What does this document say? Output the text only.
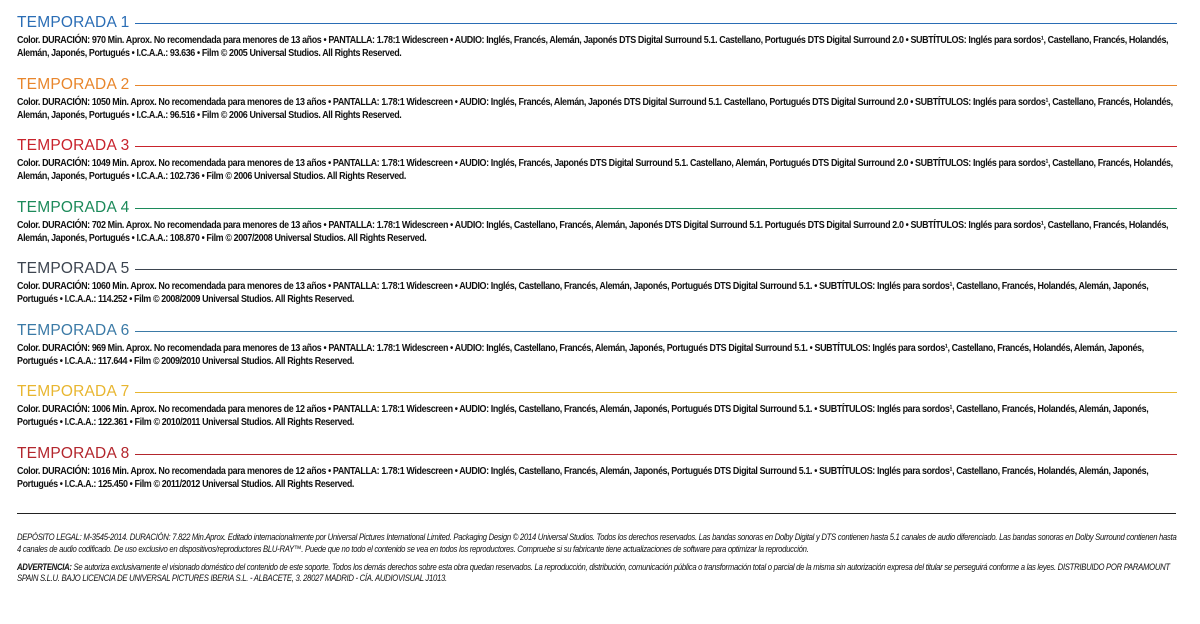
TEMPORADA 1
Color. DURACIÓN: 970 Min. Aprox. No recomendada para menores de 13 años • PANTALLA: 1.78:1 Widescreen • AUDIO: Inglés, Francés, Alemán, Japonés DTS Digital Surround 5.1. Castellano, Portugués DTS Digital Surround 2.0 • SUBTÍTULOS: Inglés para sordos¹, Castellano, Francés, Holandés, Alemán, Japonés, Portugués • I.C.A.A.: 93.636 • Film © 2005 Universal Studios. All Rights Reserved.
TEMPORADA 2
Color. DURACIÓN: 1050 Min. Aprox. No recomendada para menores de 13 años • PANTALLA: 1.78:1 Widescreen • AUDIO: Inglés, Francés, Alemán, Japonés DTS Digital Surround 5.1. Castellano, Portugués DTS Digital Surround 2.0 • SUBTÍTULOS: Inglés para sordos¹, Castellano, Francés, Holandés, Alemán, Japonés, Portugués • I.C.A.A.: 96.516 • Film © 2006 Universal Studios. All Rights Reserved.
TEMPORADA 3
Color. DURACIÓN: 1049 Min. Aprox. No recomendada para menores de 13 años • PANTALLA: 1.78:1 Widescreen • AUDIO: Inglés, Francés, Japonés DTS Digital Surround 5.1. Castellano, Alemán, Portugués DTS Digital Surround 2.0 • SUBTÍTULOS: Inglés para sordos¹, Castellano, Francés, Holandés, Alemán, Japonés, Portugués • I.C.A.A.: 102.736 • Film © 2006 Universal Studios. All Rights Reserved.
TEMPORADA 4
Color. DURACIÓN: 702 Min. Aprox. No recomendada para menores de 13 años • PANTALLA: 1.78:1 Widescreen • AUDIO: Inglés, Castellano, Francés, Alemán, Japonés DTS Digital Surround 5.1. Portugués DTS Digital Surround 2.0 • SUBTÍTULOS: Inglés para sordos¹, Castellano, Francés, Holandés, Alemán, Japonés, Portugués • I.C.A.A.: 108.870 • Film © 2007/2008 Universal Studios. All Rights Reserved.
TEMPORADA 5
Color. DURACIÓN: 1060 Min. Aprox. No recomendada para menores de 13 años • PANTALLA: 1.78:1 Widescreen • AUDIO: Inglés, Castellano, Francés, Alemán, Japonés, Portugués DTS Digital Surround 5.1. • SUBTÍTULOS: Inglés para sordos¹, Castellano, Francés, Holandés, Alemán, Japonés, Portugués • I.C.A.A.: 114.252 • Film © 2008/2009 Universal Studios. All Rights Reserved.
TEMPORADA 6
Color. DURACIÓN: 969 Min. Aprox. No recomendada para menores de 13 años • PANTALLA: 1.78:1 Widescreen • AUDIO: Inglés, Castellano, Francés, Alemán, Japonés, Portugués DTS Digital Surround 5.1. • SUBTÍTULOS: Inglés para sordos¹, Castellano, Francés, Holandés, Alemán, Japonés, Portugués • I.C.A.A.: 117.644 • Film © 2009/2010 Universal Studios. All Rights Reserved.
TEMPORADA 7
Color. DURACIÓN: 1006 Min. Aprox. No recomendada para menores de 12 años • PANTALLA: 1.78:1 Widescreen • AUDIO: Inglés, Castellano, Francés, Alemán, Japonés, Portugués DTS Digital Surround 5.1. • SUBTÍTULOS: Inglés para sordos¹, Castellano, Francés, Holandés, Alemán, Japonés, Portugués • I.C.A.A.: 122.361 • Film © 2010/2011 Universal Studios. All Rights Reserved.
TEMPORADA 8
Color. DURACIÓN: 1016 Min. Aprox. No recomendada para menores de 12 años • PANTALLA: 1.78:1 Widescreen • AUDIO: Inglés, Castellano, Francés, Alemán, Japonés, Portugués DTS Digital Surround 5.1. • SUBTÍTULOS: Inglés para sordos¹, Castellano, Francés, Holandés, Alemán, Japonés, Portugués • I.C.A.A.: 125.450 • Film © 2011/2012 Universal Studios. All Rights Reserved.
DEPÓSITO LEGAL: M-3545-2014. DURACIÓN: 7.822 Min.Aprox. Editado internacionalmente por Universal Pictures International Limited. Packaging Design © 2014 Universal Studios. Todos los derechos reservados. Las bandas sonoras en Dolby Digital y DTS contienen hasta 5.1 canales de audio diferenciado. Las bandas sonoras en Dolby Surround contienen hasta 4 canales de audio codificado. De uso exclusivo en dispositivos/reproductores BLU-RAY™. Puede que no todo el contenido se vea en todos los reproductores. Compruebe si su fabricante tiene actualizaciones de software para optimizar la reproducción.
ADVERTENCIA: Se autoriza exclusivamente el visionado doméstico del contenido de este soporte. Todos los demás derechos sobre esta obra quedan reservados. La reproducción, distribución, comunicación pública o transformación total o parcial de la misma sin autorización expresa del titular se perseguirá conforme a las leyes. DISTRIBUIDO POR PARAMOUNT SPAIN S.L.U. BAJO LICENCIA DE UNIVERSAL PICTURES IBERIA S.L. - ALBACETE, 3. 28027 MADRID - CÍA. AUDIOVISUAL J1013.
